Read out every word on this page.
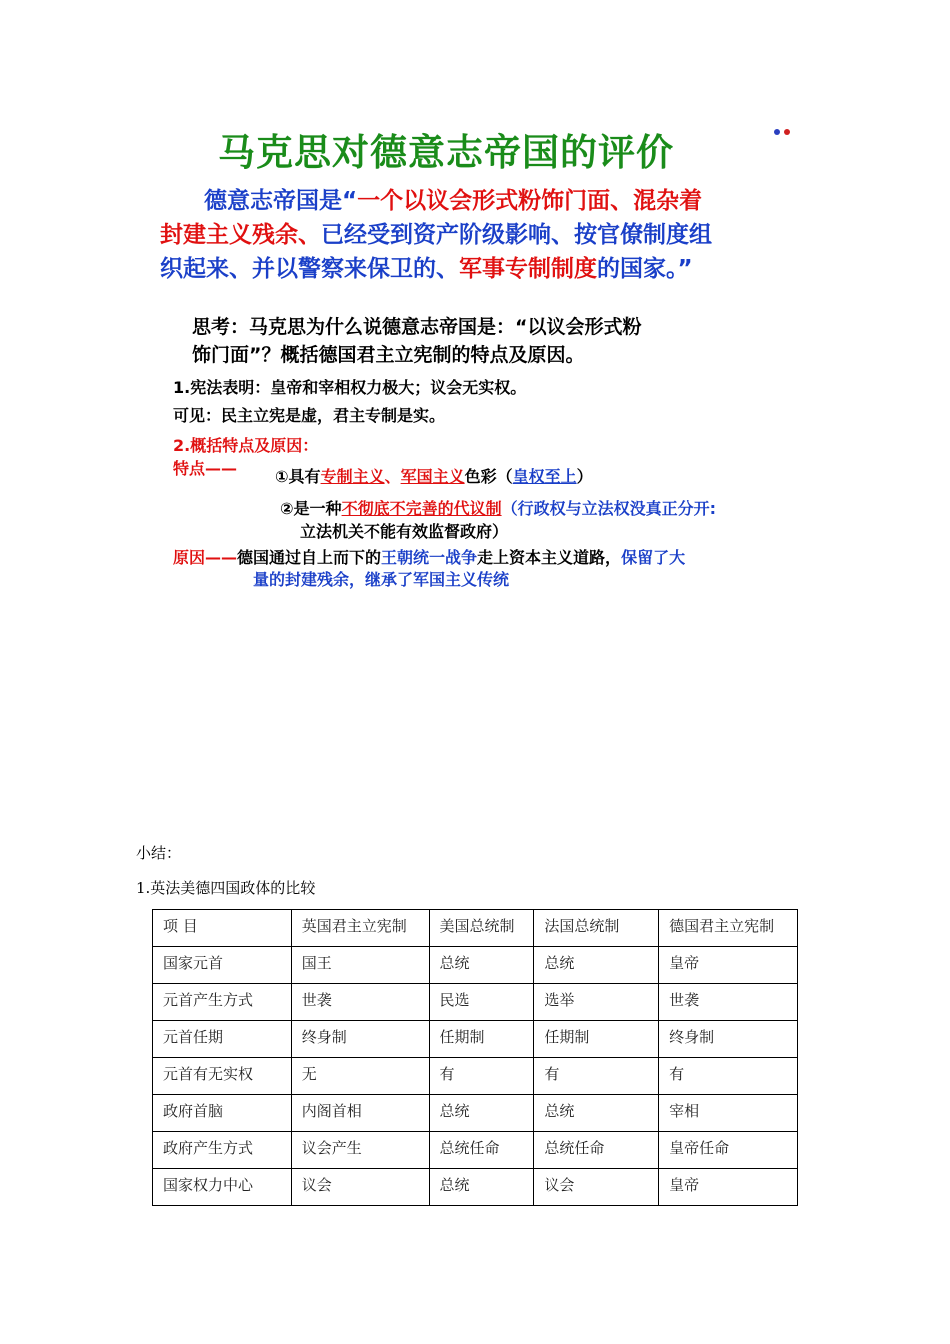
马克思对德意志帝国的评价
德意志帝国是“一个以议会形式粉饰门面、混杂着
封建主义残余、已经受到资产阶级影响、按官僚制度组
织起来、并以警察来保卫的、军事专制制度的国家。”
思考：马克思为什么说德意志帝国是：“以议会形式粉
饰门面”？概括德国君主立宪制的特点及原因。
1.宪法表明：皇帝和宰相权力极大；议会无实权。
可见：民主立宪是虚，君主专制是实。
2.概括特点及原因：
特点—— ①具有专制主义、军国主义色彩（皇权至上）
②是一种不彻底不完善的代议制（行政权与立法权没真正分开:
立法机关不能有效监督政府）
原因——德国通过自上而下的王朝统一战争走上资本主义道路，保留了大
量的封建残余，继承了军国主义传统
小结：
1.英法美德四国政体的比较
项 目	英国君主立宪制	美国总统制	法国总统制	德国君主立宪制
国家元首	国王	总统	总统	皇帝
元首产生方式	世袭	民选	选举	世袭
元首任期	终身制	任期制	任期制	终身制
元首有无实权	无	有	有	有
政府首脑	内阁首相	总统	总统	宰相
政府产生方式	议会产生	总统任命	总统任命	皇帝任命
国家权力中心	议会	总统	议会	皇帝
